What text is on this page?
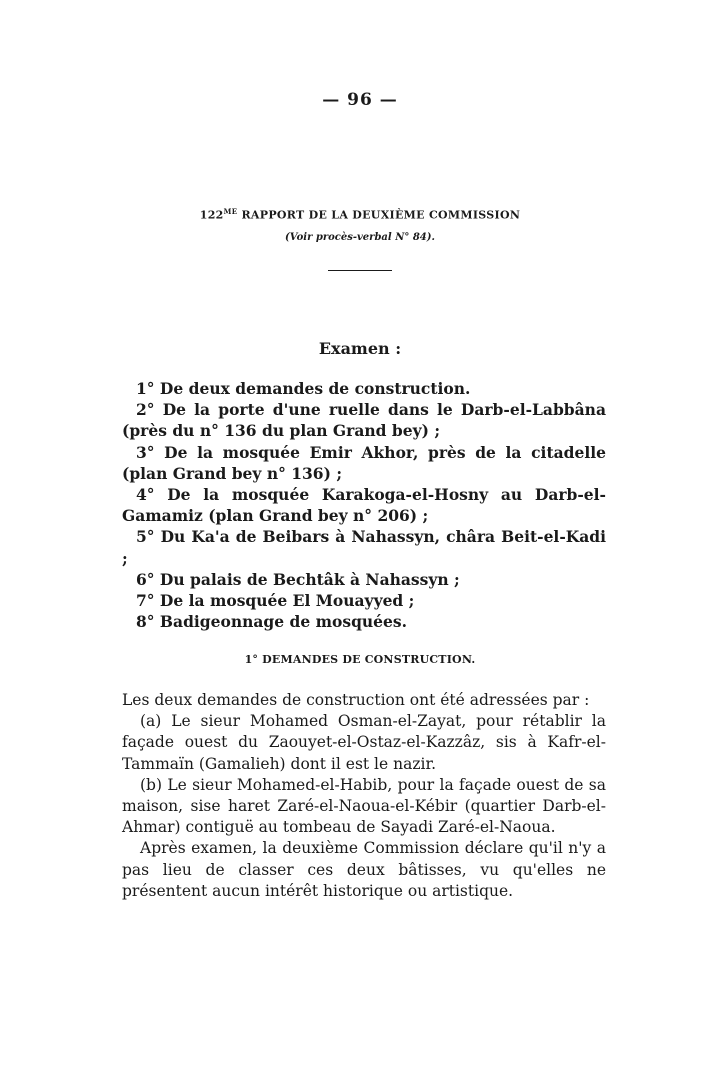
— 96 —
$122^{ME}$ RAPPORT DE LA DEUXIÈME COMMISSION
(Voir procès-verbal N° 84).
Examen :

1° De deux demandes de construction.

2° De la porte d'une ruelle dans le Darb-el-Labbâna (près du n° 136 du plan Grand bey) ;

3° De la mosquée Emir Akhor, près de la citadelle (plan Grand bey n° 136) ;

4° De la mosquée Karakoga-el-Hosny au Darb-el-Gamamiz (plan Grand bey n° 206) ;

5° Du Ka'a de Beibars à Nahassyn, châra Beit-el-Kadi ;

6° Du palais de Bechtâk à Nahassyn ;

7° De la mosquée El Mouayyed ;

8° Badigeonnage de mosquées.

1° DEMANDES DE CONSTRUCTION.

Les deux demandes de construction ont été adressées par :

(a) Le sieur Mohamed Osman-el-Zayat, pour rétablir la façade ouest du Zaouyet-el-Ostaz-el-Kazzâz, sis à Kafr-el-Tammaïn (Gamalieh) dont il est le nazir.

(b) Le sieur Mohamed-el-Habib, pour la façade ouest de sa maison, sise haret Zaré-el-Naoua-el-Kébir (quartier Darb-el-Ahmar) contiguë au tombeau de Sayadi Zaré-el-Naoua.

Après examen, la deuxième Commission déclare qu'il n'y a pas lieu de classer ces deux bâtisses, vu qu'elles ne présentent aucun intérêt historique ou artistique.
